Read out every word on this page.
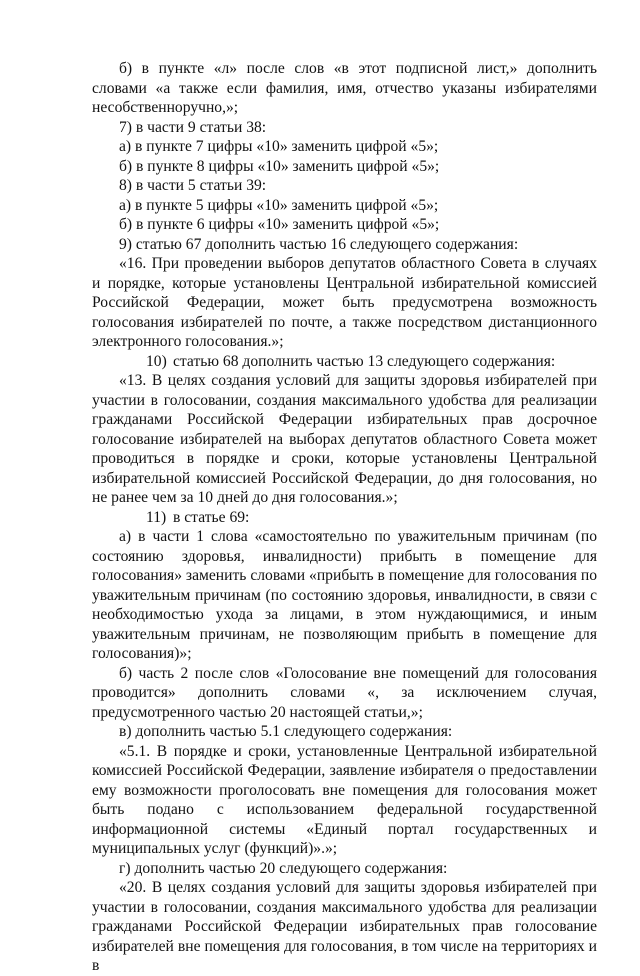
б) в пункте «л» после слов «в этот подписной лист,» дополнить словами «а также если фамилия, имя, отчество указаны избирателями несобственноручно,»;

7) в части 9 статьи 38:

а) в пункте 7 цифры «10» заменить цифрой «5»;

б) в пункте 8 цифры «10» заменить цифрой «5»;

8) в части 5 статьи 39:

а) в пункте 5 цифры «10» заменить цифрой «5»;

б) в пункте 6 цифры «10» заменить цифрой «5»;

9) статью 67 дополнить частью 16 следующего содержания:

«16. При проведении выборов депутатов областного Совета в случаях и порядке, которые установлены Центральной избирательной комиссией Российской Федерации, может быть предусмотрена возможность голосования избирателей по почте, а также посредством дистанционного электронного голосования.»;

10) статью 68 дополнить частью 13 следующего содержания:

«13. В целях создания условий для защиты здоровья избирателей при участии в голосовании, создания максимального удобства для реализации гражданами Российской Федерации избирательных прав досрочное голосование избирателей на выборах депутатов областного Совета может проводиться в порядке и сроки, которые установлены Центральной избирательной комиссией Российской Федерации, до дня голосования, но не ранее чем за 10 дней до дня голосования.»;

11) в статье 69:

а) в части 1 слова «самостоятельно по уважительным причинам (по состоянию здоровья, инвалидности) прибыть в помещение для голосования» заменить словами «прибыть в помещение для голосования по уважительным причинам (по состоянию здоровья, инвалидности, в связи с необходимостью ухода за лицами, в этом нуждающимися, и иным уважительным причинам, не позволяющим прибыть в помещение для голосования)»;

б) часть 2 после слов «Голосование вне помещений для голосования проводится» дополнить словами «, за исключением случая, предусмотренного частью 20 настоящей статьи,»;

в) дополнить частью 5.1 следующего содержания:

«5.1. В порядке и сроки, установленные Центральной избирательной комиссией Российской Федерации, заявление избирателя о предоставлении ему возможности проголосовать вне помещения для голосования может быть подано с использованием федеральной государственной информационной системы «Единый портал государственных и муниципальных услуг (функций)».»;

г) дополнить частью 20 следующего содержания:

«20. В целях создания условий для защиты здоровья избирателей при участии в голосовании, создания максимального удобства для реализации гражданами Российской Федерации избирательных прав голосование избирателей вне помещения для голосования, в том числе на территориях и в
